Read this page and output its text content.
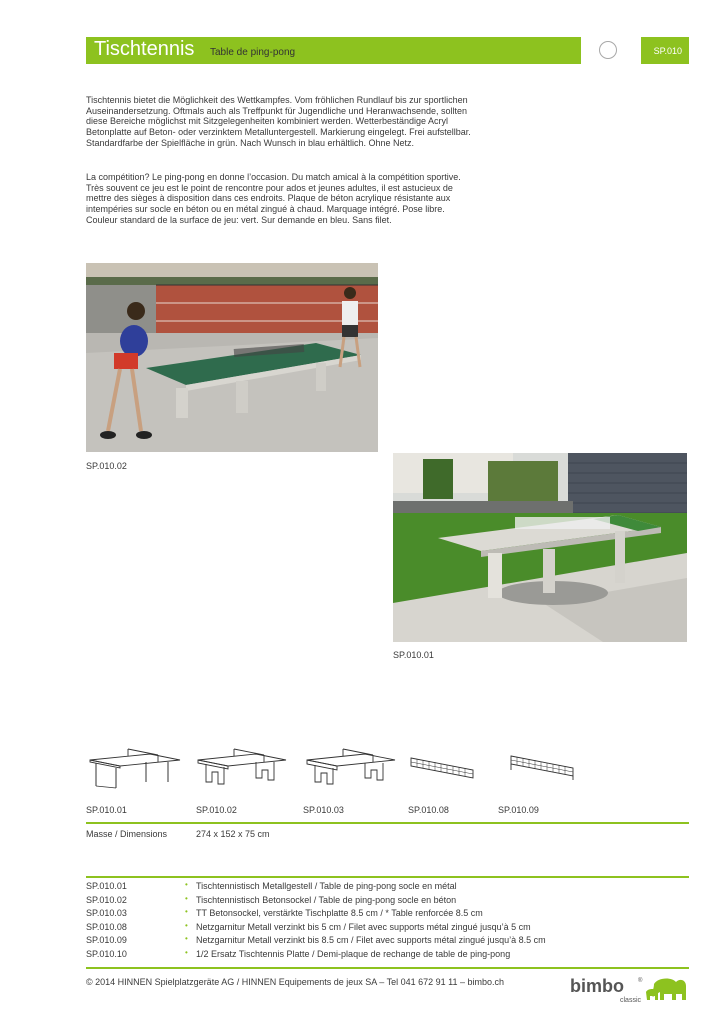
Tischtennis Table de ping-pong	SP.010

Tischtennis bietet die Möglichkeit des Wettkampfes. Vom fröhlichen Rundlauf bis zur sportlichen Auseinandersetzung. Oftmals auch als Treffpunkt für Jugendliche und Heranwachsende, sollten diese Bereiche möglichst mit Sitzgelegenheiten kombiniert werden. Wetterbeständige Acryl Betonplatte auf Beton- oder verzinktem Metalluntergestell. Markierung eingelegt. Frei aufstellbar. Standardfarbe der Spielfläche in grün. Nach Wunsch in blau erhältlich. Ohne Netz.

La compétition? Le ping-pong en donne l’occasion. Du match amical à la compétition sportive. Très souvent ce jeu est le point de rencontre pour ados et jeunes adultes, il est astucieux de mettre des sièges à disposition dans ces endroits. Plaque de béton acrylique résistante aux intempéries sur socle en béton ou en métal zingué à chaud. Marquage intégré. Pose libre. Couleur standard de la surface de jeu: vert. Sur demande en bleu. Sans filet.

SP.010.02
SP.010.01
SP.010.01	SP.010.02	SP.010.03	SP.010.08	SP.010.09
Masse / Dimensions	274 x 152 x 75 cm
SP.010.01	• Tischtennistisch Metallgestell / Table de ping-pong socle en métal
SP.010.02	• Tischtennistisch Betonsockel / Table de ping-pong socle en béton
SP.010.03	• TT Betonsockel, verstärkte Tischplatte 8.5 cm / * Table renforcée 8.5 cm
SP.010.08	• Netzgarnitur Metall verzinkt bis 5 cm / Filet avec supports métal zingué jusqu’à 5 cm
SP.010.09	• Netzgarnitur Metall verzinkt bis 8.5 cm / Filet avec supports métal zingué jusqu’à 8.5 cm
SP.010.10	• 1/2 Ersatz Tischtennis Platte / Demi-plaque de rechange de table de ping-pong
© 2014 HINNEN Spielplatzgeräte AG / HINNEN Equipements de jeux SA – Tel 041 672 91 11 – bimbo.ch	bimbo ®
classic
